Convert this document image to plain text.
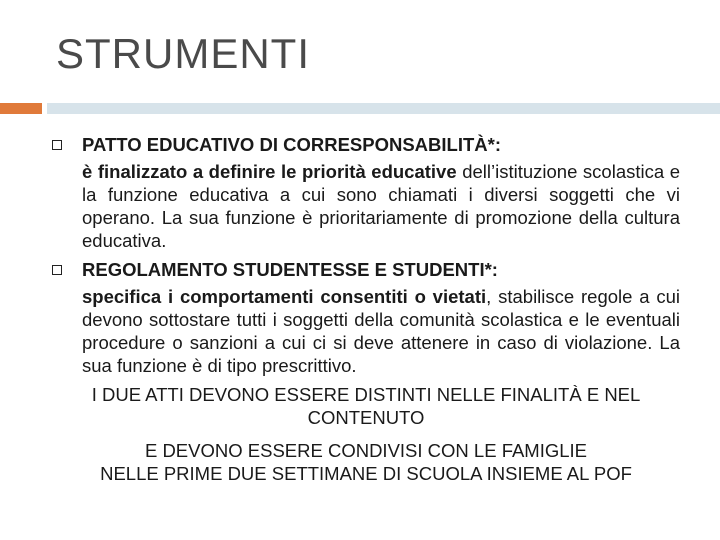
STRUMENTI
PATTO EDUCATIVO DI CORRESPONSABILITÀ*:
è finalizzato a definire le priorità educative dell’istituzione scolastica e la funzione educativa a cui sono chiamati i diversi soggetti che vi operano. La sua funzione è prioritariamente di promozione della cultura educativa.
REGOLAMENTO STUDENTESSE E STUDENTI*:
specifica i comportamenti consentiti o vietati, stabilisce regole a cui devono sottostare tutti i soggetti della comunità scolastica e le eventuali procedure o sanzioni a cui ci si deve attenere in caso di violazione. La sua funzione è di tipo prescrittivo.

I DUE ATTI DEVONO ESSERE DISTINTI NELLE FINALITÀ E NEL CONTENUTO

E DEVONO ESSERE CONDIVISI CON LE FAMIGLIE

NELLE PRIME DUE SETTIMANE DI SCUOLA INSIEME AL POF
